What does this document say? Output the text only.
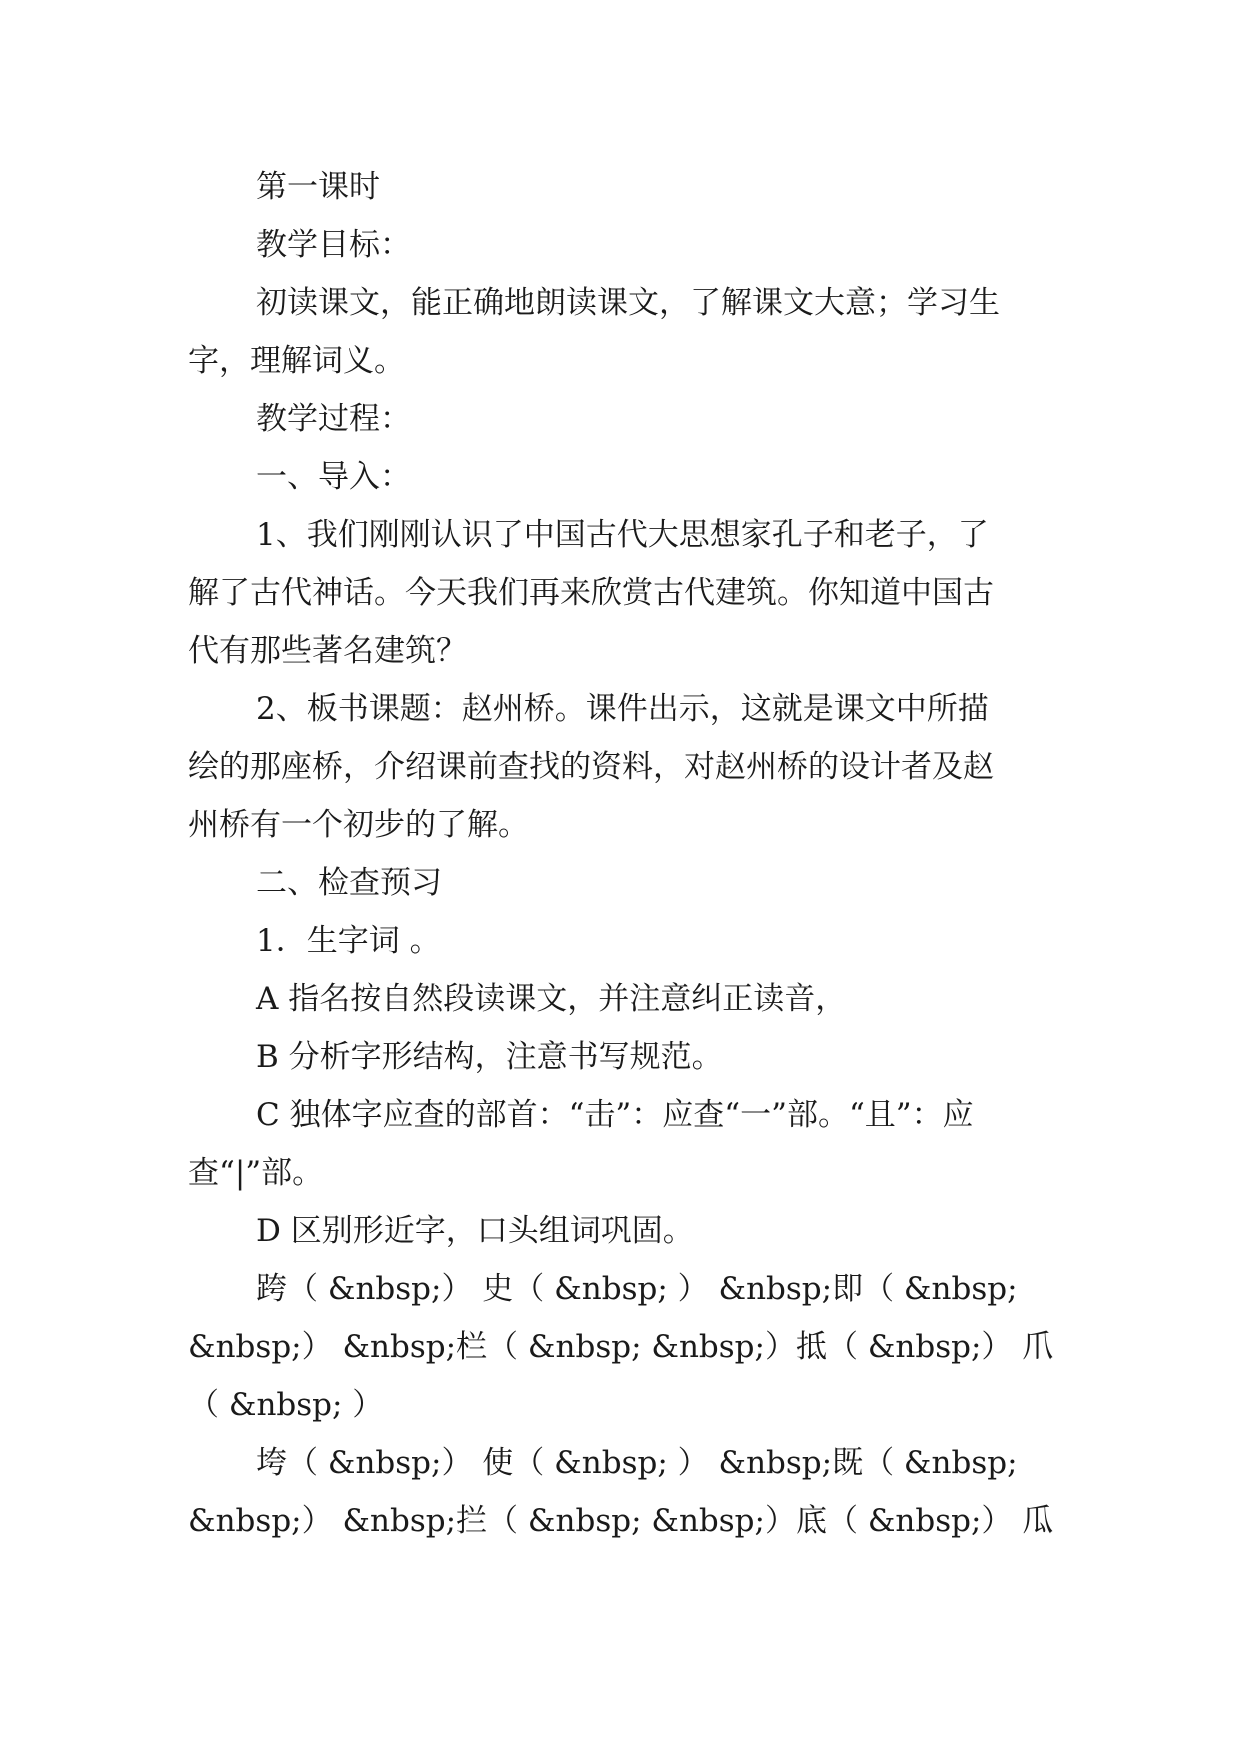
第一课时
教学目标：
初读课文，能正确地朗读课文，了解课文大意；学习生
字，理解词义。
教学过程：
一、导入：
1、我们刚刚认识了中国古代大思想家孔子和老子，了
解了古代神话。今天我们再来欣赏古代建筑。你知道中国古
代有那些著名建筑？
2、板书课题：赵州桥。课件出示，这就是课文中所描
绘的那座桥，介绍课前查找的资料，对赵州桥的设计者及赵
州桥有一个初步的了解。
二、检查预习
1．生字词 。
A 指名按自然段读课文，并注意纠正读音，
B 分析字形结构，注意书写规范。
C 独体字应查的部首：“击”：应查“一”部。“且”：应
查“|”部。
D 区别形近字，口头组词巩固。
跨（ &nbsp;） 史（ &nbsp; ） &nbsp;即（ &nbsp;
&nbsp;） &nbsp;栏（ &nbsp; &nbsp;）抵（ &nbsp;） 爪
（ &nbsp; ）
垮（ &nbsp;） 使（ &nbsp; ） &nbsp;既（ &nbsp;
&nbsp;） &nbsp;拦（ &nbsp; &nbsp;）底（ &nbsp;） 瓜
